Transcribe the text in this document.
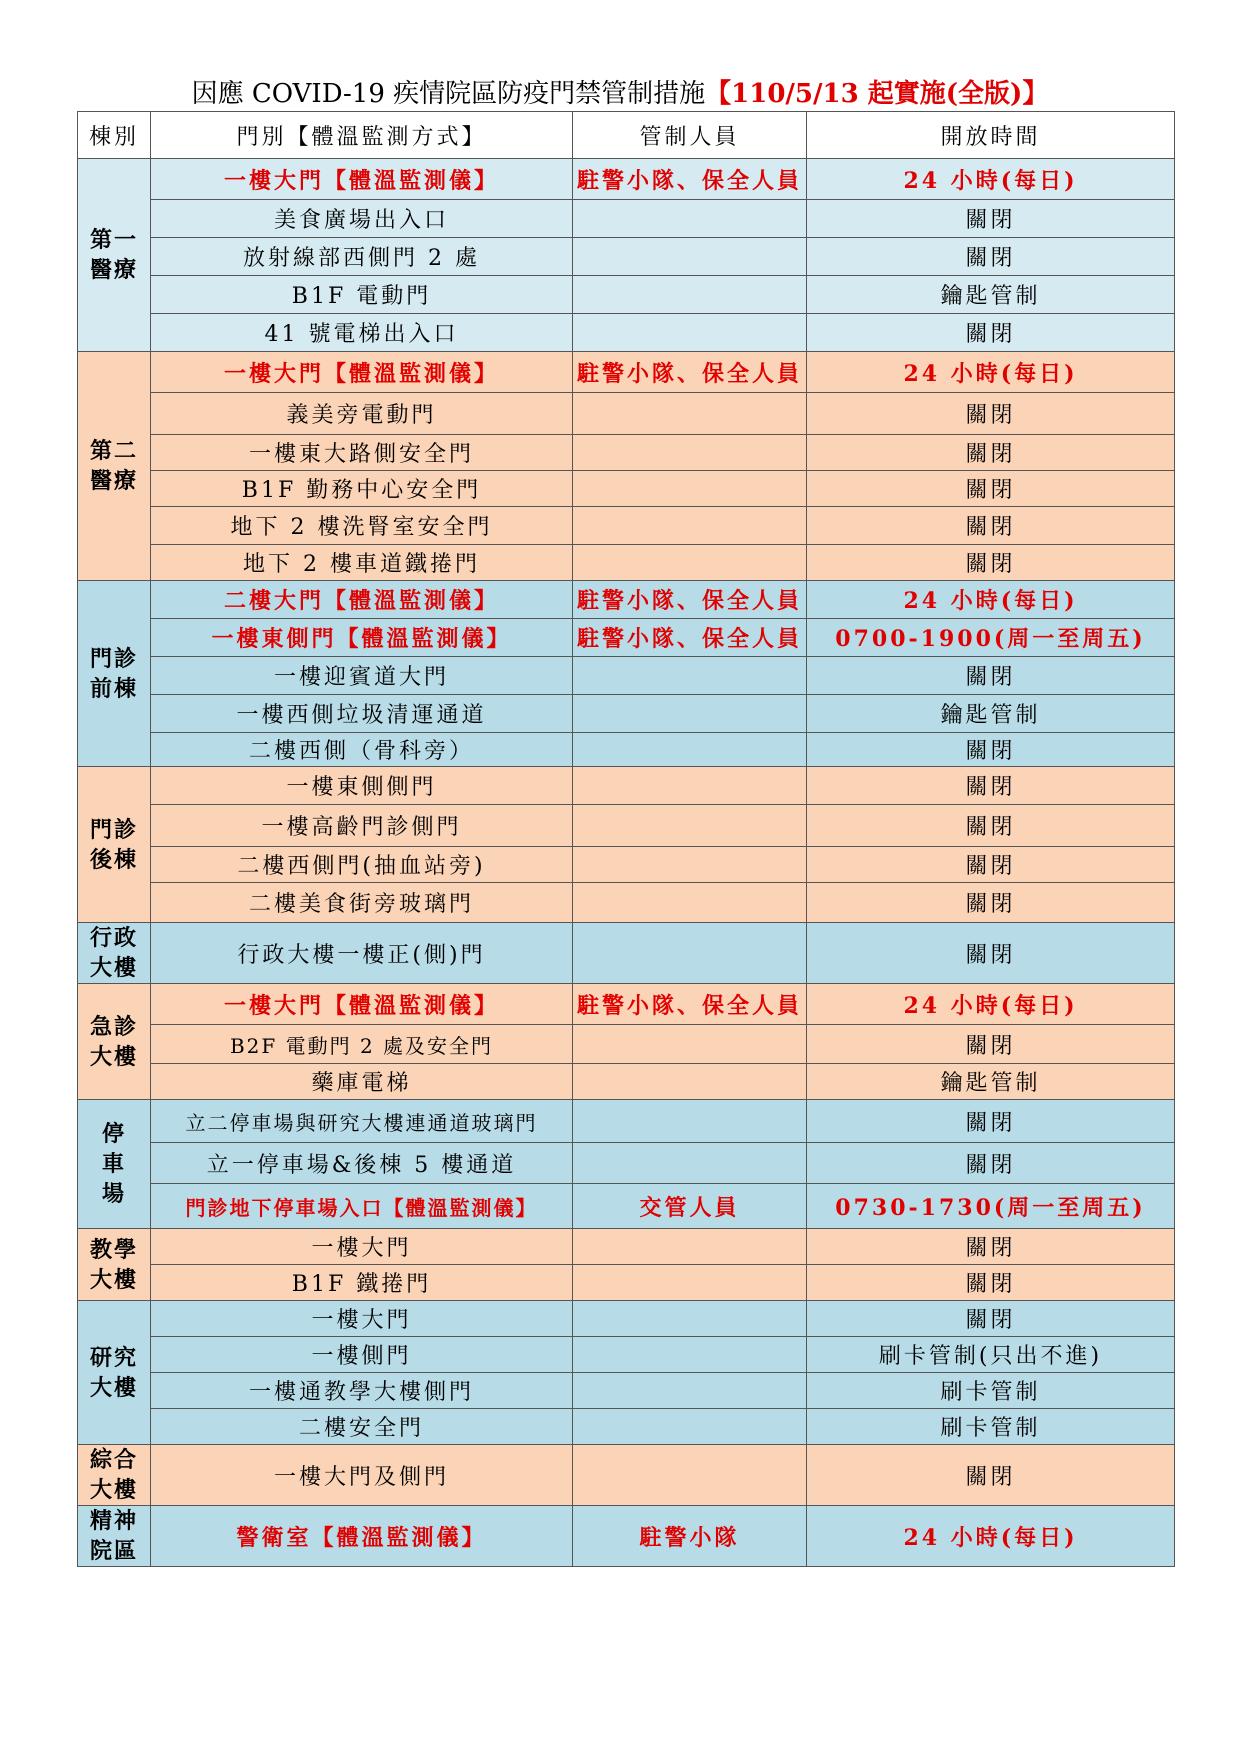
因應 COVID-19 疾情院區防疫門禁管制措施【110/5/13 起實施(全版)】
棟別	門別【體溫監測方式】	管制人員	開放時間
第一
醫療	一樓大門【體溫監測儀】	駐警小隊、保全人員	24 小時(每日)
	美食廣場出入口		關閉
	放射線部西側門 2 處		關閉
	B1F 電動門		鑰匙管制
	41 號電梯出入口		關閉
第二
醫療	一樓大門【體溫監測儀】	駐警小隊、保全人員	24 小時(每日)
	義美旁電動門		關閉
	一樓東大路側安全門		關閉
	B1F 勤務中心安全門		關閉
	地下 2 樓洗腎室安全門		關閉
	地下 2 樓車道鐵捲門		關閉
門診
前棟	二樓大門【體溫監測儀】	駐警小隊、保全人員	24 小時(每日)
	一樓東側門【體溫監測儀】	駐警小隊、保全人員	0700-1900(周一至周五)
	一樓迎賓道大門		關閉
	一樓西側垃圾清運通道		鑰匙管制
	二樓西側（骨科旁）		關閉
門診
後棟	一樓東側側門		關閉
	一樓高齡門診側門		關閉
	二樓西側門(抽血站旁)		關閉
	二樓美食街旁玻璃門		關閉
行政
大樓	行政大樓一樓正(側)門		關閉
急診
大樓	一樓大門【體溫監測儀】	駐警小隊、保全人員	24 小時(每日)
	B2F 電動門 2 處及安全門		關閉
	藥庫電梯		鑰匙管制
停
車
場	立二停車場與研究大樓連通道玻璃門		關閉
	立一停車場&後棟 5 樓通道		關閉
	門診地下停車場入口【體溫監測儀】	交管人員	0730-1730(周一至周五)
教學
大樓	一樓大門		關閉
	B1F 鐵捲門		關閉
研究
大樓	一樓大門		關閉
	一樓側門		刷卡管制(只出不進)
	一樓通教學大樓側門		刷卡管制
	二樓安全門		刷卡管制
綜合
大樓	一樓大門及側門		關閉
精神
院區	警衛室【體溫監測儀】	駐警小隊	24 小時(每日)
